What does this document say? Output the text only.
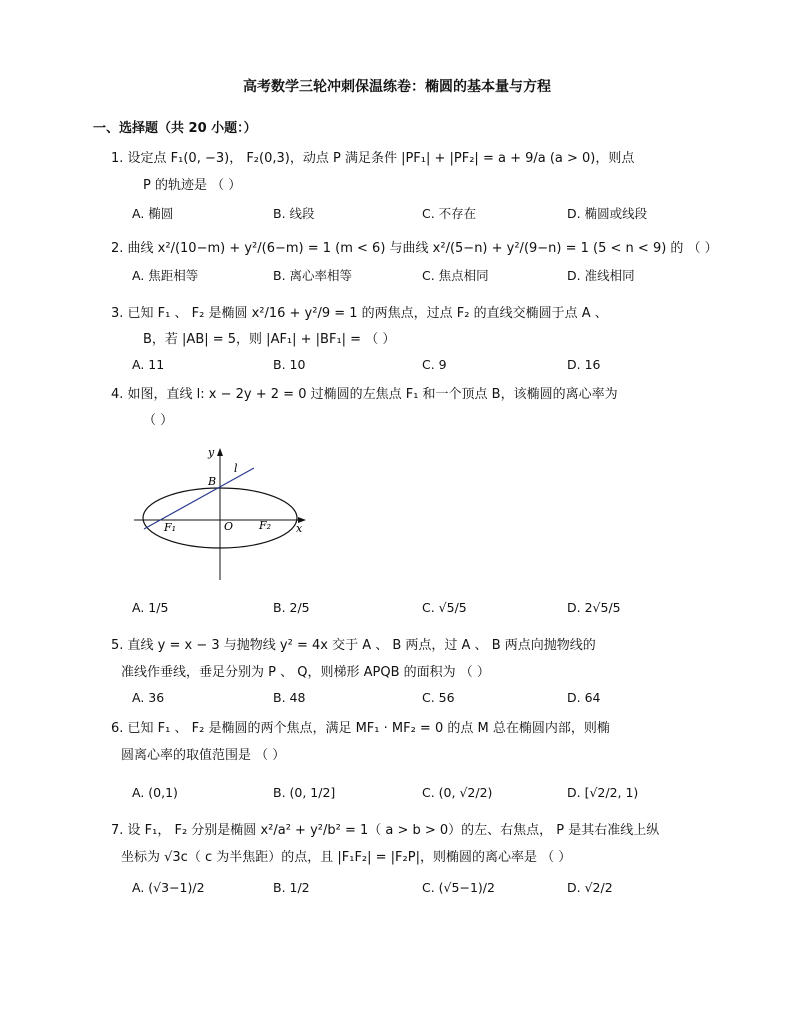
高考数学三轮冲刺保温练卷：椭圆的基本量与方程
一、选择题（共 20 小题：）
1. 设定点 F₁(0, −3)， F₂(0,3)，动点 P 满足条件 |PF₁| + |PF₂| = a + 9/a (a > 0)，则点
P 的轨迹是 （ ）
A. 椭圆	B. 线段	C. 不存在	D. 椭圆或线段
2. 曲线 x²/(10−m) + y²/(6−m) = 1 (m < 6) 与曲线 x²/(5−n) + y²/(9−n) = 1 (5 < n < 9) 的 （ ）
A. 焦距相等	B. 离心率相等	C. 焦点相同	D. 准线相同
3. 已知 F₁ 、 F₂ 是椭圆 x²/16 + y²/9 = 1 的两焦点，过点 F₂ 的直线交椭圆于点 A 、
B，若 |AB| = 5，则 |AF₁| + |BF₁| = （ ）
A. 11	B. 10	C. 9	D. 16
4. 如图，直线 l: x − 2y + 2 = 0 过椭圆的左焦点 F₁ 和一个顶点 B，该椭圆的离心率为
（ ）
y
l
B
O
F₁	F₂ x
A. 1/5	B. 2/5	C. √5/5	D. 2√5/5
5. 直线 y = x − 3 与抛物线 y² = 4x 交于 A 、 B 两点，过 A 、 B 两点向抛物线的
准线作垂线，垂足分别为 P 、 Q，则梯形 APQB 的面积为 （ ）
A. 36	B. 48	C. 56	D. 64
6. 已知 F₁ 、 F₂ 是椭圆的两个焦点，满足 MF₁ · MF₂ = 0 的点 M 总在椭圆内部，则椭
圆离心率的取值范围是 （ ）
A. (0,1)	B. (0, 1/2]	C. (0, √2/2)	D. [√2/2, 1)
7. 设 F₁， F₂ 分别是椭圆 x²/a² + y²/b² = 1（ a > b > 0）的左、右焦点， P 是其右准线上纵
坐标为 √3c（ c 为半焦距）的点，且 |F₁F₂| = |F₂P|，则椭圆的离心率是 （ ）
A. (√3−1)/2	B. 1/2	C. (√5−1)/2	D. √2/2
